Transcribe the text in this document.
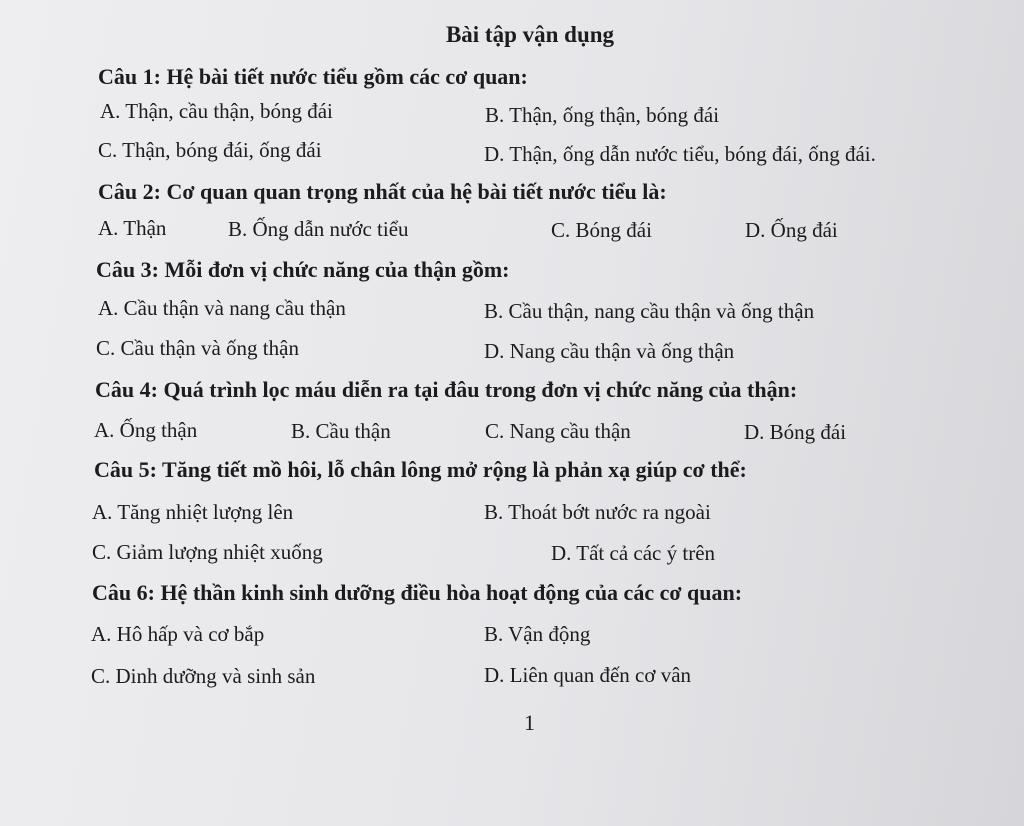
Bài tập vận dụng
Câu 1: Hệ bài tiết nước tiểu gồm các cơ quan:
A. Thận, cầu thận, bóng đái	B. Thận, ống thận, bóng đái
C. Thận, bóng đái, ống đái	D. Thận, ống dẫn nước tiểu, bóng đái, ống đái.
Câu 2: Cơ quan quan trọng nhất của hệ bài tiết nước tiểu là:
A. Thận	B. Ống dẫn nước tiểu	C. Bóng đái	D. Ống đái
Câu 3: Mỗi đơn vị chức năng của thận gồm:
A. Cầu thận và nang cầu thận	B. Cầu thận, nang cầu thận và ống thận
C. Cầu thận và ống thận	D. Nang cầu thận và ống thận
Câu 4: Quá trình lọc máu diễn ra tại đâu trong đơn vị chức năng của thận:
A. Ống thận	B. Cầu thận	C. Nang cầu thận	D. Bóng đái
Câu 5: Tăng tiết mồ hôi, lỗ chân lông mở rộng là phản xạ giúp cơ thể:
A. Tăng nhiệt lượng lên	B. Thoát bớt nước ra ngoài
C. Giảm lượng nhiệt xuống	D. Tất cả các ý trên
Câu 6: Hệ thần kinh sinh dưỡng điều hòa hoạt động của các cơ quan:
A. Hô hấp và cơ bắp	B. Vận động
C. Dinh dưỡng và sinh sản	D. Liên quan đến cơ vân
1
